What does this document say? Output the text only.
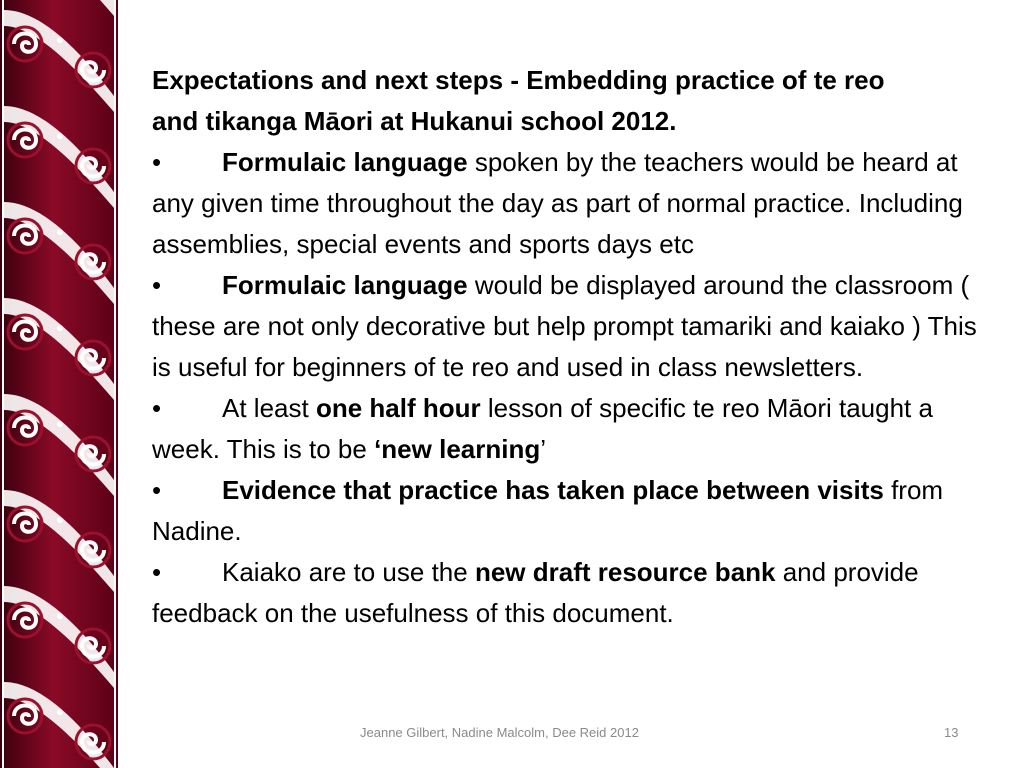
Expectations and next steps - Embedding practice of te reo
and tikanga Māori at Hukanui school 2012.

• Formulaic language spoken by the teachers would be heard at any given time throughout the day as part of normal practice. Including assemblies, special events and sports days etc

• Formulaic language would be displayed around the classroom ( these are not only decorative but help prompt tamariki and kaiako ) This is useful for beginners of te reo and used in class newsletters.

• At least one half hour lesson of specific te reo Māori taught a week. This is to be ‘new learning’

• Evidence that practice has taken place between visits from Nadine.

• Kaiako are to use the new draft resource bank and provide feedback on the usefulness of this document.

Jeanne Gilbert, Nadine Malcolm, Dee Reid 2012	13
